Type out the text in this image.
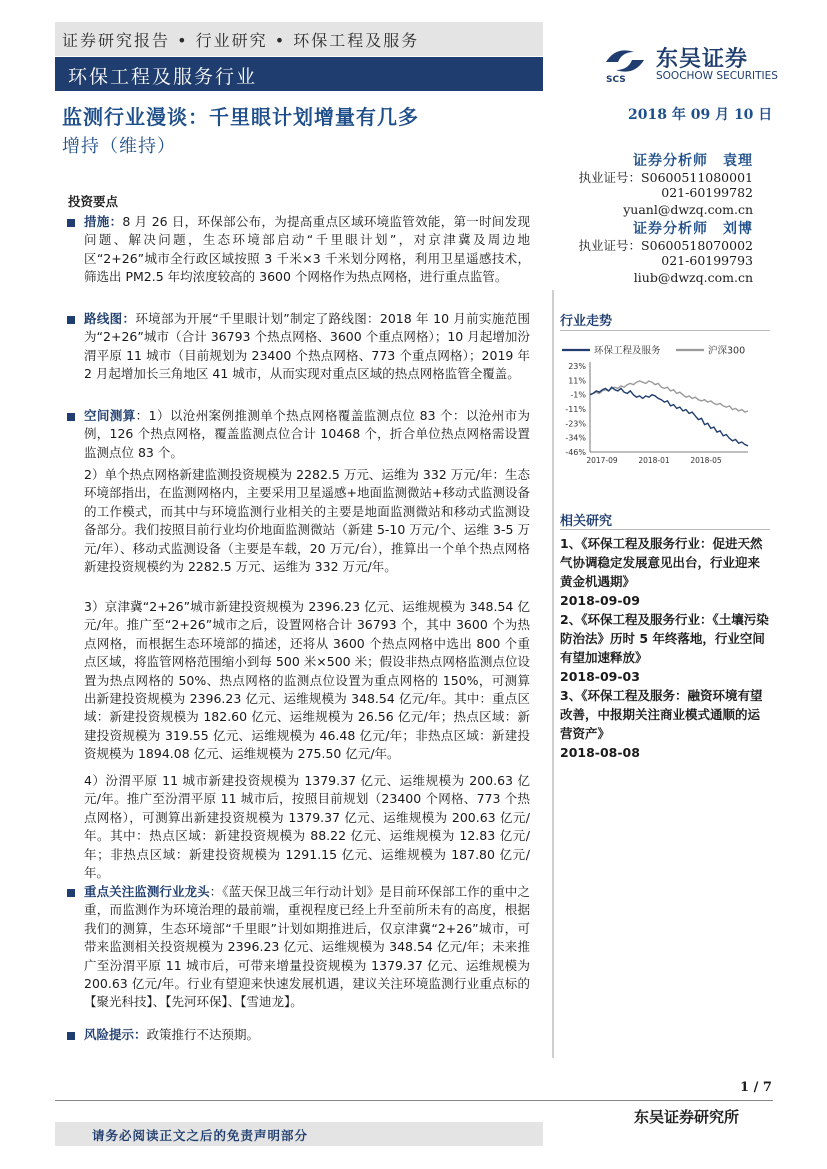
证券研究报告 • 行业研究 • 环保工程及服务
环保工程及服务行业	SCS
东吴证券
SOOCHOW SECURITIES
监测行业漫谈：千里眼计划增量有几多	2018 年 09 月 10 日
增持（维持）
证券分析师　袁理
执业证号：S0600511080001
021-60199782
yuanl@dwzq.com.cn
证券分析师　刘博
执业证号：S0600518070002
021-60199793
liub@dwzq.com.cn
投资要点
措施：8 月 26 日，环保部公布，为提高重点区域环境监管效能，第一时间发现问题、解决问题，生态环境部启动“千里眼计划”，对京津冀及周边地区“2+26”城市全行政区域按照 3 千米×3 千米划分网格，利用卫星遥感技术，筛选出 PM2.5 年均浓度较高的 3600 个网格作为热点网格，进行重点监管。
路线图：环境部为开展“千里眼计划”制定了路线图：2018 年 10 月前实施范围为“2+26”城市（合计 36793 个热点网格、3600 个重点网格）；10 月起增加汾渭平原 11 城市（目前规划为 23400 个热点网格、773 个重点网格）；2019 年 2 月起增加长三角地区 41 城市，从而实现对重点区域的热点网格监管全覆盖。
空间测算：1）以沧州案例推测单个热点网格覆盖监测点位 83 个：以沧州市为例，126 个热点网格，覆盖监测点位合计 10468 个，折合单位热点网格需设置监测点位 83 个。
2）单个热点网格新建监测投资规模为 2282.5 万元、运维为 332 万元/年：生态环境部指出，在监测网格内，主要采用卫星遥感+地面监测微站+移动式监测设备的工作模式，而其中与环境监测行业相关的主要是地面监测微站和移动式监测设备部分。我们按照目前行业均价地面监测微站（新建 5-10 万元/个、运维 3-5 万元/年）、移动式监测设备（主要是车载，20 万元/台），推算出一个单个热点网格新建投资规模约为 2282.5 万元、运维为 332 万元/年。
3）京津冀“2+26”城市新建投资规模为 2396.23 亿元、运维规模为 348.54 亿元/年。推广至“2+26”城市之后，设置网格合计 36793 个，其中 3600 个为热点网格，而根据生态环境部的描述，还将从 3600 个热点网格中选出 800 个重点区域，将监管网格范围缩小到每 500 米×500 米；假设非热点网格监测点位设置为热点网格的 50%、热点网格的监测点位设置为重点网格的 150%，可测算出新建投资规模为 2396.23 亿元、运维规模为 348.54 亿元/年。其中：重点区域：新建投资规模为 182.60 亿元、运维规模为 26.56 亿元/年；热点区域：新建投资规模为 319.55 亿元、运维规模为 46.48 亿元/年；非热点区域：新建投资规模为 1894.08 亿元、运维规模为 275.50 亿元/年。
4）汾渭平原 11 城市新建投资规模为 1379.37 亿元、运维规模为 200.63 亿元/年。推广至汾渭平原 11 城市后，按照目前规划（23400 个网格、773 个热点网格），可测算出新建投资规模为 1379.37 亿元、运维规模为 200.63 亿元/年。其中：热点区域：新建投资规模为 88.22 亿元、运维规模为 12.83 亿元/年；非热点区域：新建投资规模为 1291.15 亿元、运维规模为 187.80 亿元/年。
重点关注监测行业龙头：《蓝天保卫战三年行动计划》是目前环保部工作的重中之重，而监测作为环境治理的最前端，重视程度已经上升至前所未有的高度，根据我们的测算，生态环境部“千里眼”计划如期推进后，仅京津冀“2+26”城市，可带来监测相关投资规模为 2396.23 亿元、运维规模为 348.54 亿元/年；未来推广至汾渭平原 11 城市后，可带来增量投资规模为 1379.37 亿元、运维规模为 200.63 亿元/年。行业有望迎来快速发展机遇，建议关注环境监测行业重点标的【聚光科技】、【先河环保】、【雪迪龙】。
风险提示：政策推行不达预期。
行业走势
环保工程及服务	沪深300
23%
11%
-1%
-11%
-23%
-34%
-46%
2017-09	2018-01	2018-05
相关研究
1、《环保工程及服务行业：促进天然气协调稳定发展意见出台，行业迎来黄金机遇期》
2018-09-09
2、《环保工程及服务行业：《土壤污染防治法》历时 5 年终落地，行业空间有望加速释放》
2018-09-03
3、《环保工程及服务：融资环境有望改善，中报期关注商业模式通顺的运营资产》
2018-08-08
1 / 7
东吴证券研究所
请务必阅读正文之后的免责声明部分
